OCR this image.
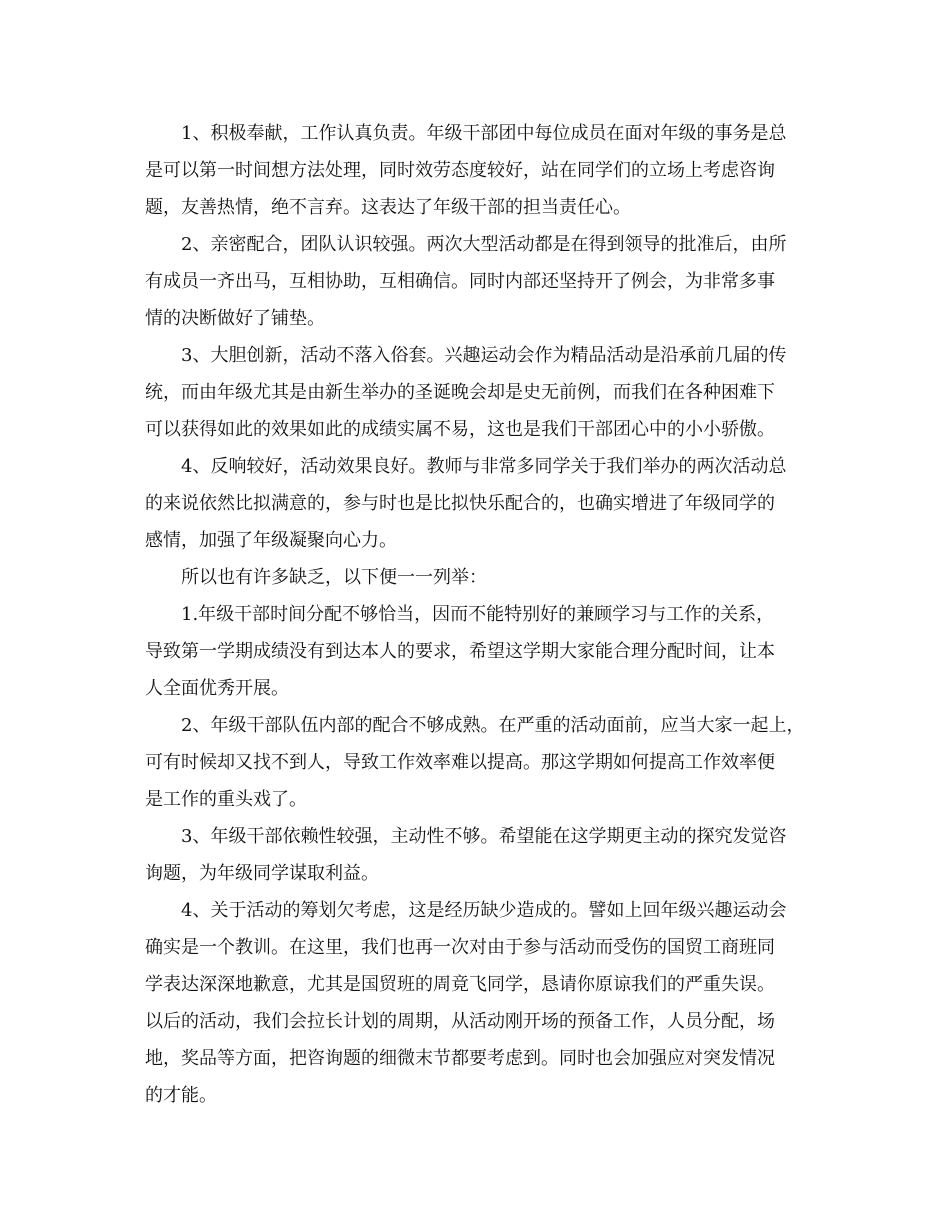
　　1、积极奉献，工作认真负责。年级干部团中每位成员在面对年级的事务是总
是可以第一时间想方法处理，同时效劳态度较好，站在同学们的立场上考虑咨询
题，友善热情，绝不言弃。这表达了年级干部的担当责任心。

　　2、亲密配合，团队认识较强。两次大型活动都是在得到领导的批准后，由所
有成员一齐出马，互相协助，互相确信。同时内部还坚持开了例会，为非常多事
情的决断做好了铺垫。

　　3、大胆创新，活动不落入俗套。兴趣运动会作为精品活动是沿承前几届的传
统，而由年级尤其是由新生举办的圣诞晚会却是史无前例，而我们在各种困难下
可以获得如此的效果如此的成绩实属不易，这也是我们干部团心中的小小骄傲。

　　4、反响较好，活动效果良好。教师与非常多同学关于我们举办的两次活动总
的来说依然比拟满意的，参与时也是比拟快乐配合的，也确实增进了年级同学的
感情，加强了年级凝聚向心力。

　　所以也有许多缺乏，以下便一一列举：

　　1.年级干部时间分配不够恰当，因而不能特别好的兼顾学习与工作的关系，
导致第一学期成绩没有到达本人的要求，希望这学期大家能合理分配时间，让本
人全面优秀开展。

　　2、年级干部队伍内部的配合不够成熟。在严重的活动面前，应当大家一起上，
可有时候却又找不到人，导致工作效率难以提高。那这学期如何提高工作效率便
是工作的重头戏了。

　　3、年级干部依赖性较强，主动性不够。希望能在这学期更主动的探究发觉咨
询题，为年级同学谋取利益。

　　4、关于活动的筹划欠考虑，这是经历缺少造成的。譬如上回年级兴趣运动会
确实是一个教训。在这里，我们也再一次对由于参与活动而受伤的国贸工商班同
学表达深深地歉意，尤其是国贸班的周竟飞同学，恳请你原谅我们的严重失误。
以后的活动，我们会拉长计划的周期，从活动刚开场的预备工作，人员分配，场
地，奖品等方面，把咨询题的细微末节都要考虑到。同时也会加强应对突发情况
的才能。
